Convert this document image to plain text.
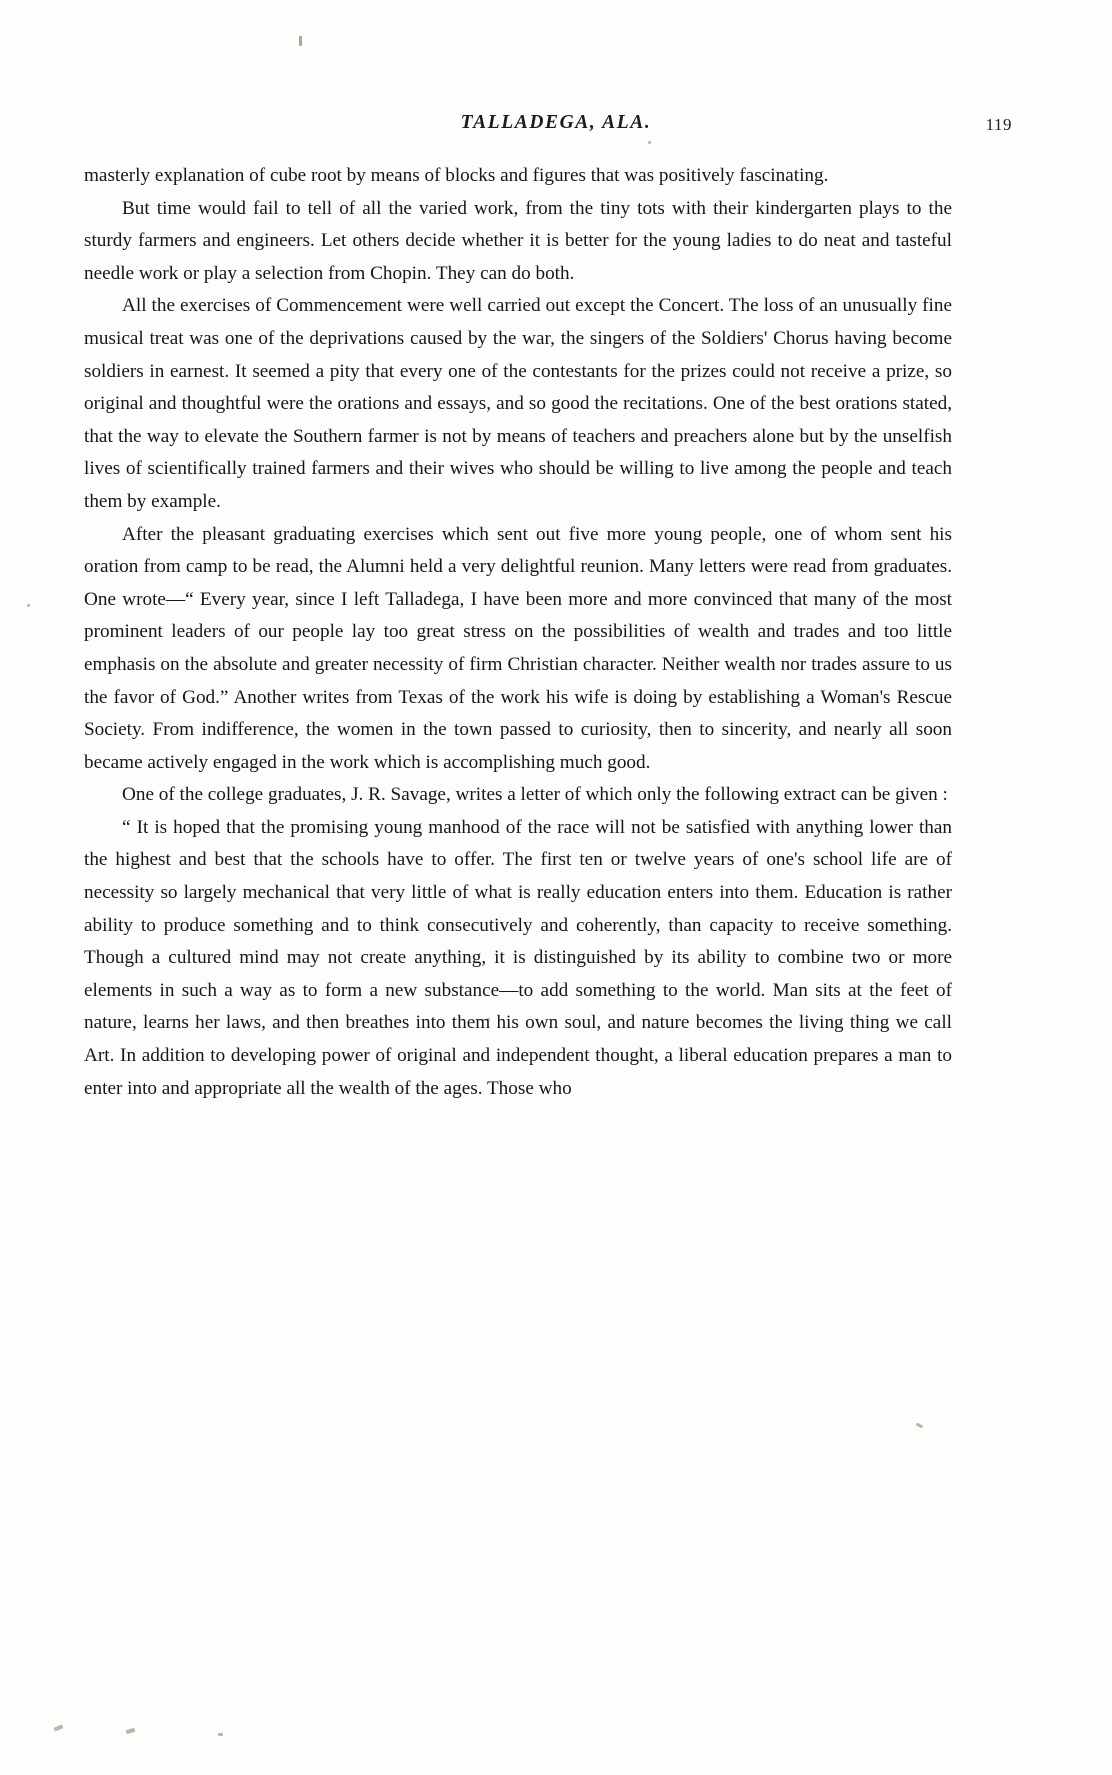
TALLADEGA, ALA.	119

masterly explanation of cube root by means of blocks and figures that was positively fascinating.

But time would fail to tell of all the varied work, from the tiny tots with their kindergarten plays to the sturdy farmers and engineers. Let others decide whether it is better for the young ladies to do neat and tasteful needle work or play a selection from Chopin. They can do both.

All the exercises of Commencement were well carried out except the Concert. The loss of an unusually fine musical treat was one of the deprivations caused by the war, the singers of the Soldiers' Chorus having become soldiers in earnest. It seemed a pity that every one of the contestants for the prizes could not receive a prize, so original and thoughtful were the orations and essays, and so good the recitations. One of the best orations stated, that the way to elevate the Southern farmer is not by means of teachers and preachers alone but by the unselfish lives of scientifically trained farmers and their wives who should be willing to live among the people and teach them by example.

After the pleasant graduating exercises which sent out five more young people, one of whom sent his oration from camp to be read, the Alumni held a very delightful reunion. Many letters were read from graduates. One wrote—“ Every year, since I left Talladega, I have been more and more convinced that many of the most prominent leaders of our people lay too great stress on the possibilities of wealth and trades and too little emphasis on the absolute and greater necessity of firm Christian character. Neither wealth nor trades assure to us the favor of God.” Another writes from Texas of the work his wife is doing by establishing a Woman's Rescue Society. From indifference, the women in the town passed to curiosity, then to sincerity, and nearly all soon became actively engaged in the work which is accomplishing much good.

One of the college graduates, J. R. Savage, writes a letter of which only the following extract can be given :

“ It is hoped that the promising young manhood of the race will not be satisfied with anything lower than the highest and best that the schools have to offer. The first ten or twelve years of one's school life are of necessity so largely mechanical that very little of what is really education enters into them. Education is rather ability to produce something and to think consecutively and coherently, than capacity to receive something. Though a cultured mind may not create anything, it is distinguished by its ability to combine two or more elements in such a way as to form a new substance—to add something to the world. Man sits at the feet of nature, learns her laws, and then breathes into them his own soul, and nature becomes the living thing we call Art. In addition to developing power of original and independent thought, a liberal education prepares a man to enter into and appropriate all the wealth of the ages. Those who
